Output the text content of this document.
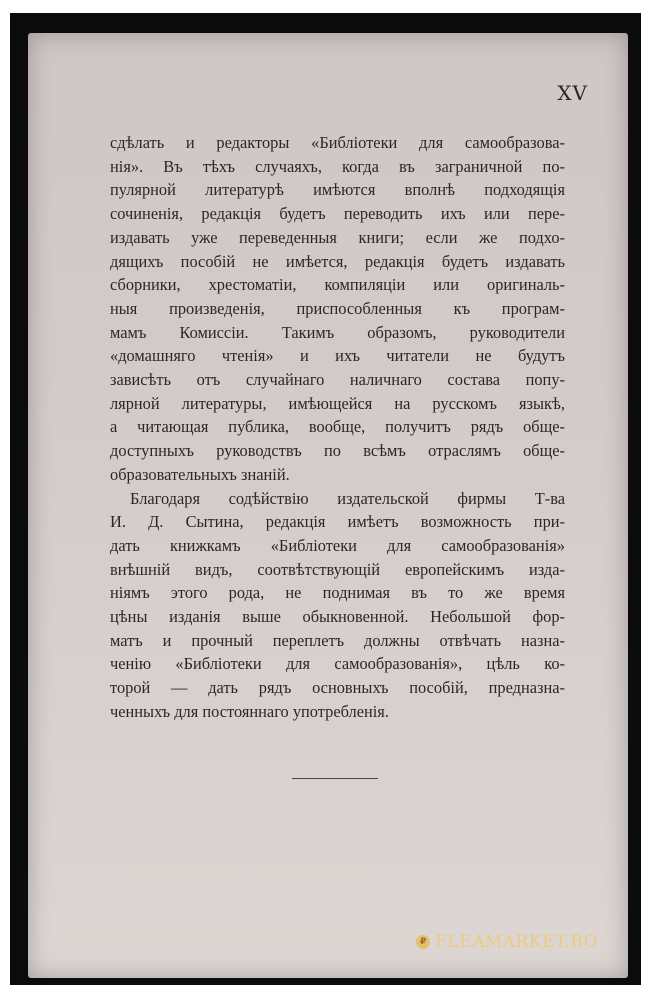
XV
сдѣлать и редакторы «Библіотеки для самообразова-
нія». Въ тѣхъ случаяхъ, когда въ заграничной по-
пулярной литературѣ имѣются вполнѣ подходящія
сочиненія, редакція будетъ переводить ихъ или пере-
издавать уже переведенныя книги; если же подхо-
дящихъ пособій не имѣется, редакція будетъ издавать
сборники, хрестоматіи, компиляціи или оригиналь-
ныя произведенія, приспособленныя къ програм-
мамъ Комиссіи. Такимъ образомъ, руководители
«домашняго чтенія» и ихъ читатели не будутъ
зависѣть отъ случайнаго наличнаго состава попу-
лярной литературы, имѣющейся на русскомъ языкѣ,
а читающая публика, вообще, получитъ рядъ обще-
доступныхъ руководствъ по всѣмъ отраслямъ обще-
образовательныхъ знаній.
Благодаря содѣйствію издательской фирмы Т-ва
И. Д. Сытина, редакція имѣетъ возможность при-
дать книжкамъ «Библіотеки для самообразованія»
внѣшній видъ, соотвѣтствующій европейскимъ изда-
ніямъ этого рода, не поднимая въ то же время
цѣны изданія выше обыкновенной. Небольшой фор-
матъ и прочный переплетъ должны отвѣчать назна-
ченію «Библіотеки для самообразованія», цѣль ко-
торой — дать рядъ основныхъ пособій, предназна-
ченныхъ для постояннаго употребленія.
₽ FLEAMARKET.BO
